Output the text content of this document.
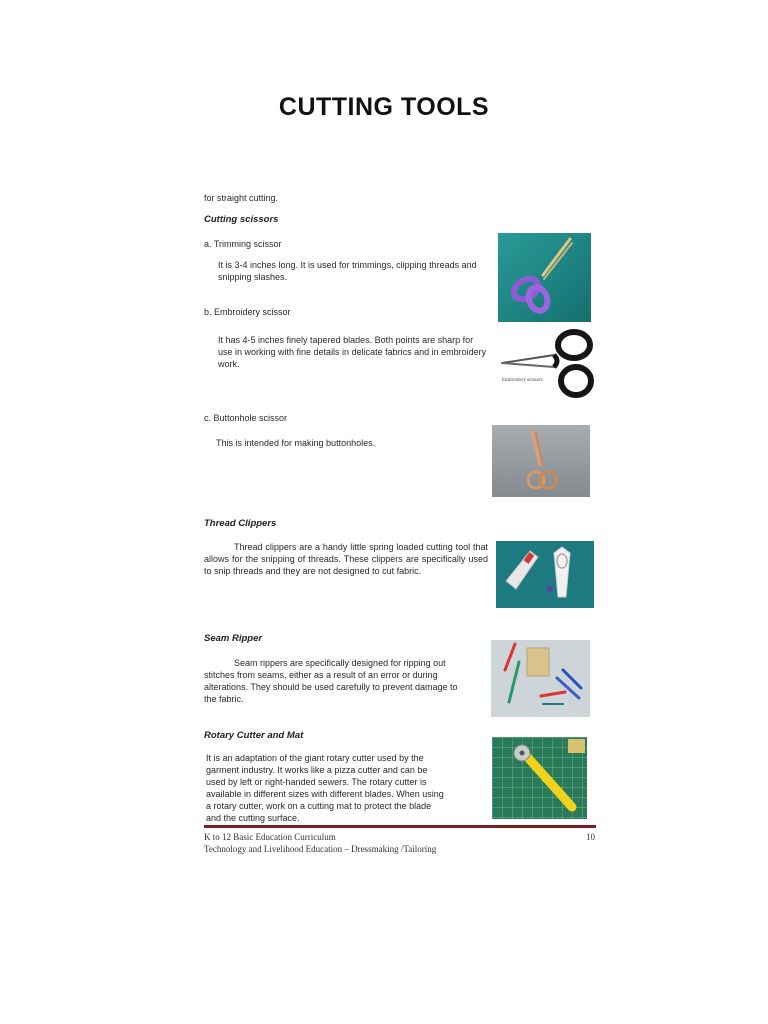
CUTTING TOOLS
for straight cutting.
Cutting scissors
a. Trimming scissor
It is 3-4 inches long. It is used for trimmings, clipping threads and snipping slashes.
b. Embroidery scissor
It has 4-5 inches finely tapered blades. Both points are sharp for use in working with fine details in delicate fabrics and in embroidery work.
Embroidery scissors
c. Buttonhole scissor
This is intended for making buttonholes.
Thread Clippers
Thread clippers are a handy little spring loaded cutting tool that allows for the snipping of threads. These clippers are specifically used to snip threads and they are not designed to cut fabric.
Seam Ripper
Seam rippers are specifically designed for ripping out stitches from seams, either as a result of an error or during alterations. They should be used carefully to prevent damage to the fabric.
Rotary Cutter and Mat
It is an adaptation of the giant rotary cutter used by the garment industry. It works like a pizza cutter and can be used by left or right-handed sewers. The rotary cutter is available in different sizes with different blades. When using a rotary cutter, work on a cutting mat to protect the blade and the cutting surface.
K to 12 Basic Education Curriculum
Technology and Livelihood Education – Dressmaking /Tailoring
10
